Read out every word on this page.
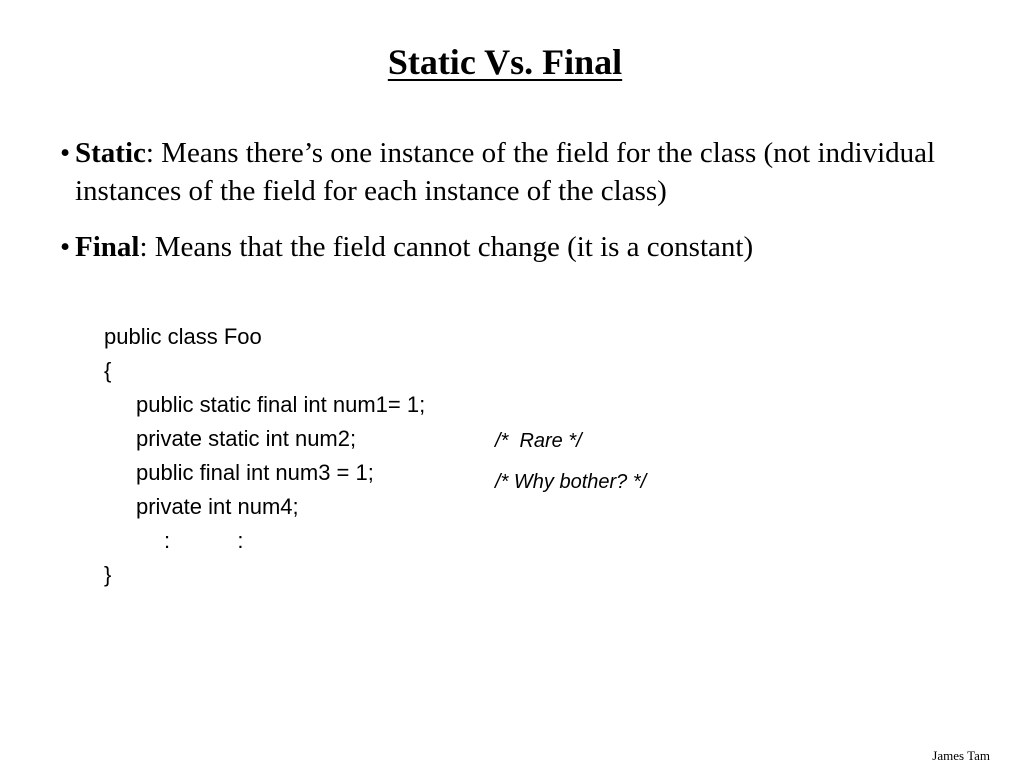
Static Vs. Final
• Static: Means there’s one instance of the field for the class (not individual instances of the field for each instance of the class)
• Final: Means that the field cannot change (it is a constant)
public class Foo
{
public static final int num1= 1;
private static int num2;
public final int num3 = 1;
private int num4;
:           :
}
/*  Rare */
/* Why bother? */
James Tam
